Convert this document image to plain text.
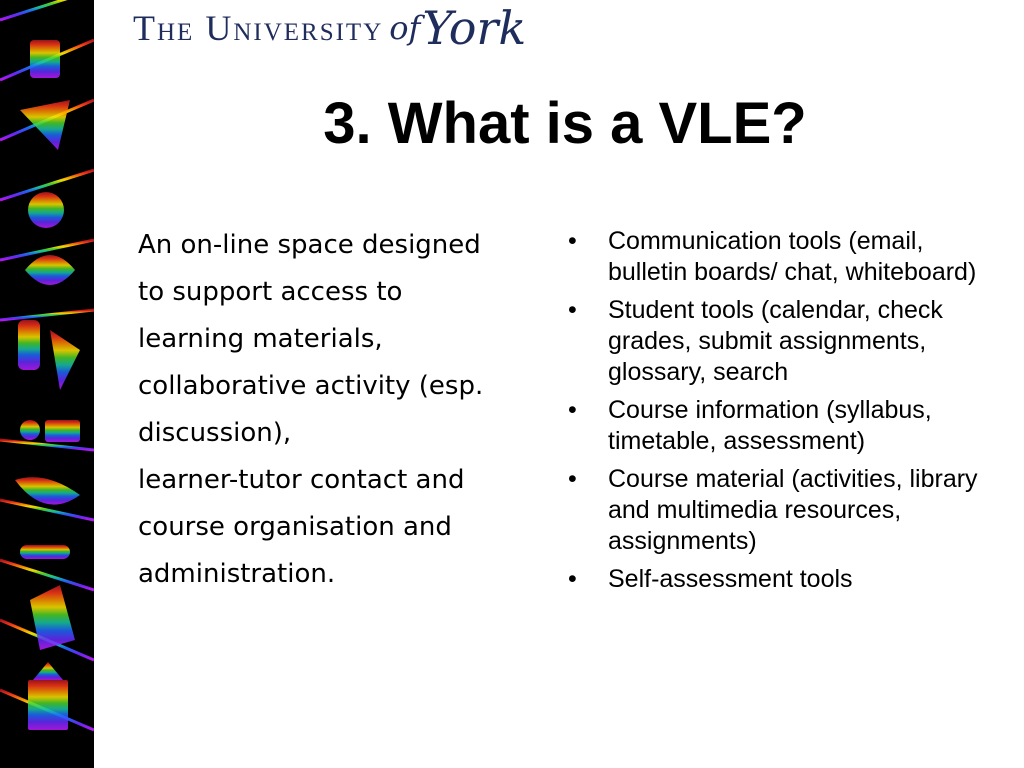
The University of York
3. What is a VLE?
An on-line space designed
to support access to
learning materials,
collaborative activity (esp.
discussion),
learner-tutor contact and
course organisation and
administration.
•	Communication tools (email, bulletin boards/ chat, whiteboard)
•	Student tools (calendar, check grades, submit assignments, glossary, search
•	Course information (syllabus, timetable, assessment)
•	Course material (activities, library and multimedia resources, assignments)
•	Self-assessment tools
